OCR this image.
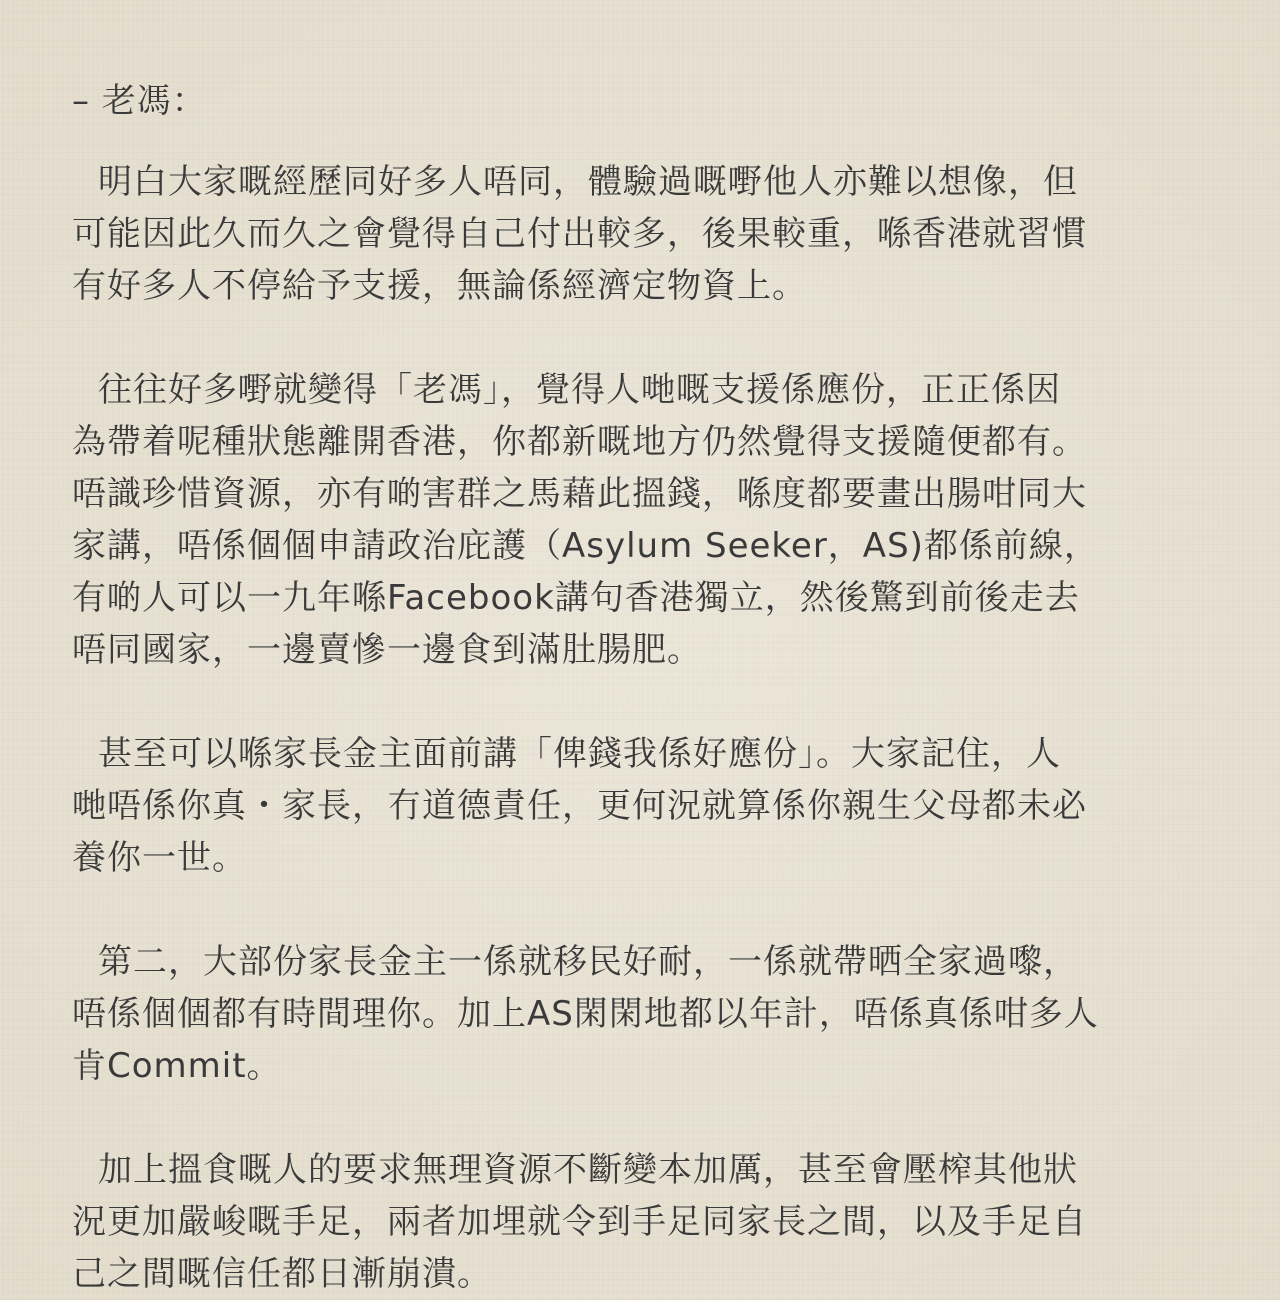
– 老馮：
明白大家嘅經歷同好多人唔同，體驗過嘅嘢他人亦難以想像，但
可能因此久而久之會覺得自己付出較多，後果較重，喺香港就習慣
有好多人不停給予支援，無論係經濟定物資上。
往往好多嘢就變得「老馮」，覺得人哋嘅支援係應份，正正係因
為帶着呢種狀態離開香港，你都新嘅地方仍然覺得支援隨便都有。
唔識珍惜資源，亦有啲害群之馬藉此搵錢，喺度都要畫出腸咁同大
家講，唔係個個申請政治庇護（Asylum Seeker，AS)都係前線，
有啲人可以一九年喺Facebook講句香港獨立，然後驚到前後走去
唔同國家，一邊賣慘一邊食到滿肚腸肥。
甚至可以喺家長金主面前講「俾錢我係好應份」。大家記住，人
哋唔係你真・家長，冇道德責任，更何況就算係你親生父母都未必
養你一世。
第二，大部份家長金主一係就移民好耐，一係就帶晒全家過嚟，
唔係個個都有時間理你。加上AS閑閑地都以年計，唔係真係咁多人
肯Commit。
加上搵食嘅人的要求無理資源不斷變本加厲，甚至會壓榨其他狀
況更加嚴峻嘅手足，兩者加埋就令到手足同家長之間，以及手足自
己之間嘅信任都日漸崩潰。
